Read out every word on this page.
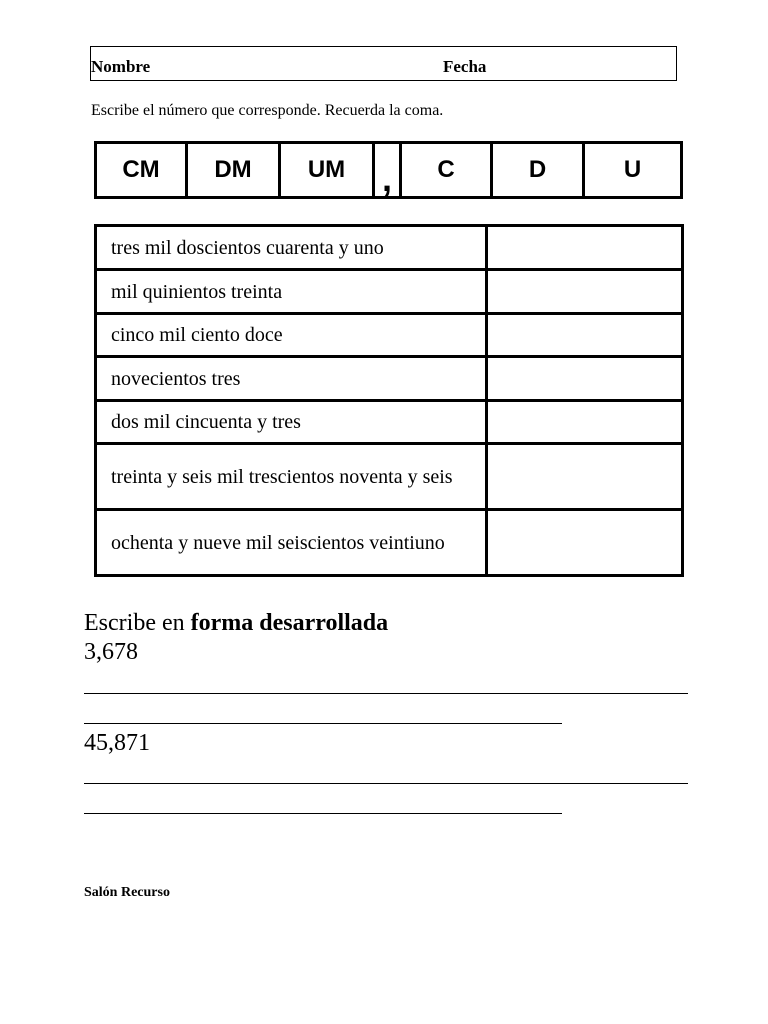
Nombre	Fecha
Escribe el número que corresponde. Recuerda la coma.
CM	DM	UM	,	C	D	U
tres mil doscientos cuarenta y uno	
mil quinientos treinta	
cinco mil ciento doce	
novecientos tres	
dos mil cincuenta y tres	
treinta y seis mil trescientos noventa y seis	
ochenta y nueve mil seiscientos veintiuno	
Escribe en forma desarrollada
3,678
45,871
Salón Recurso
